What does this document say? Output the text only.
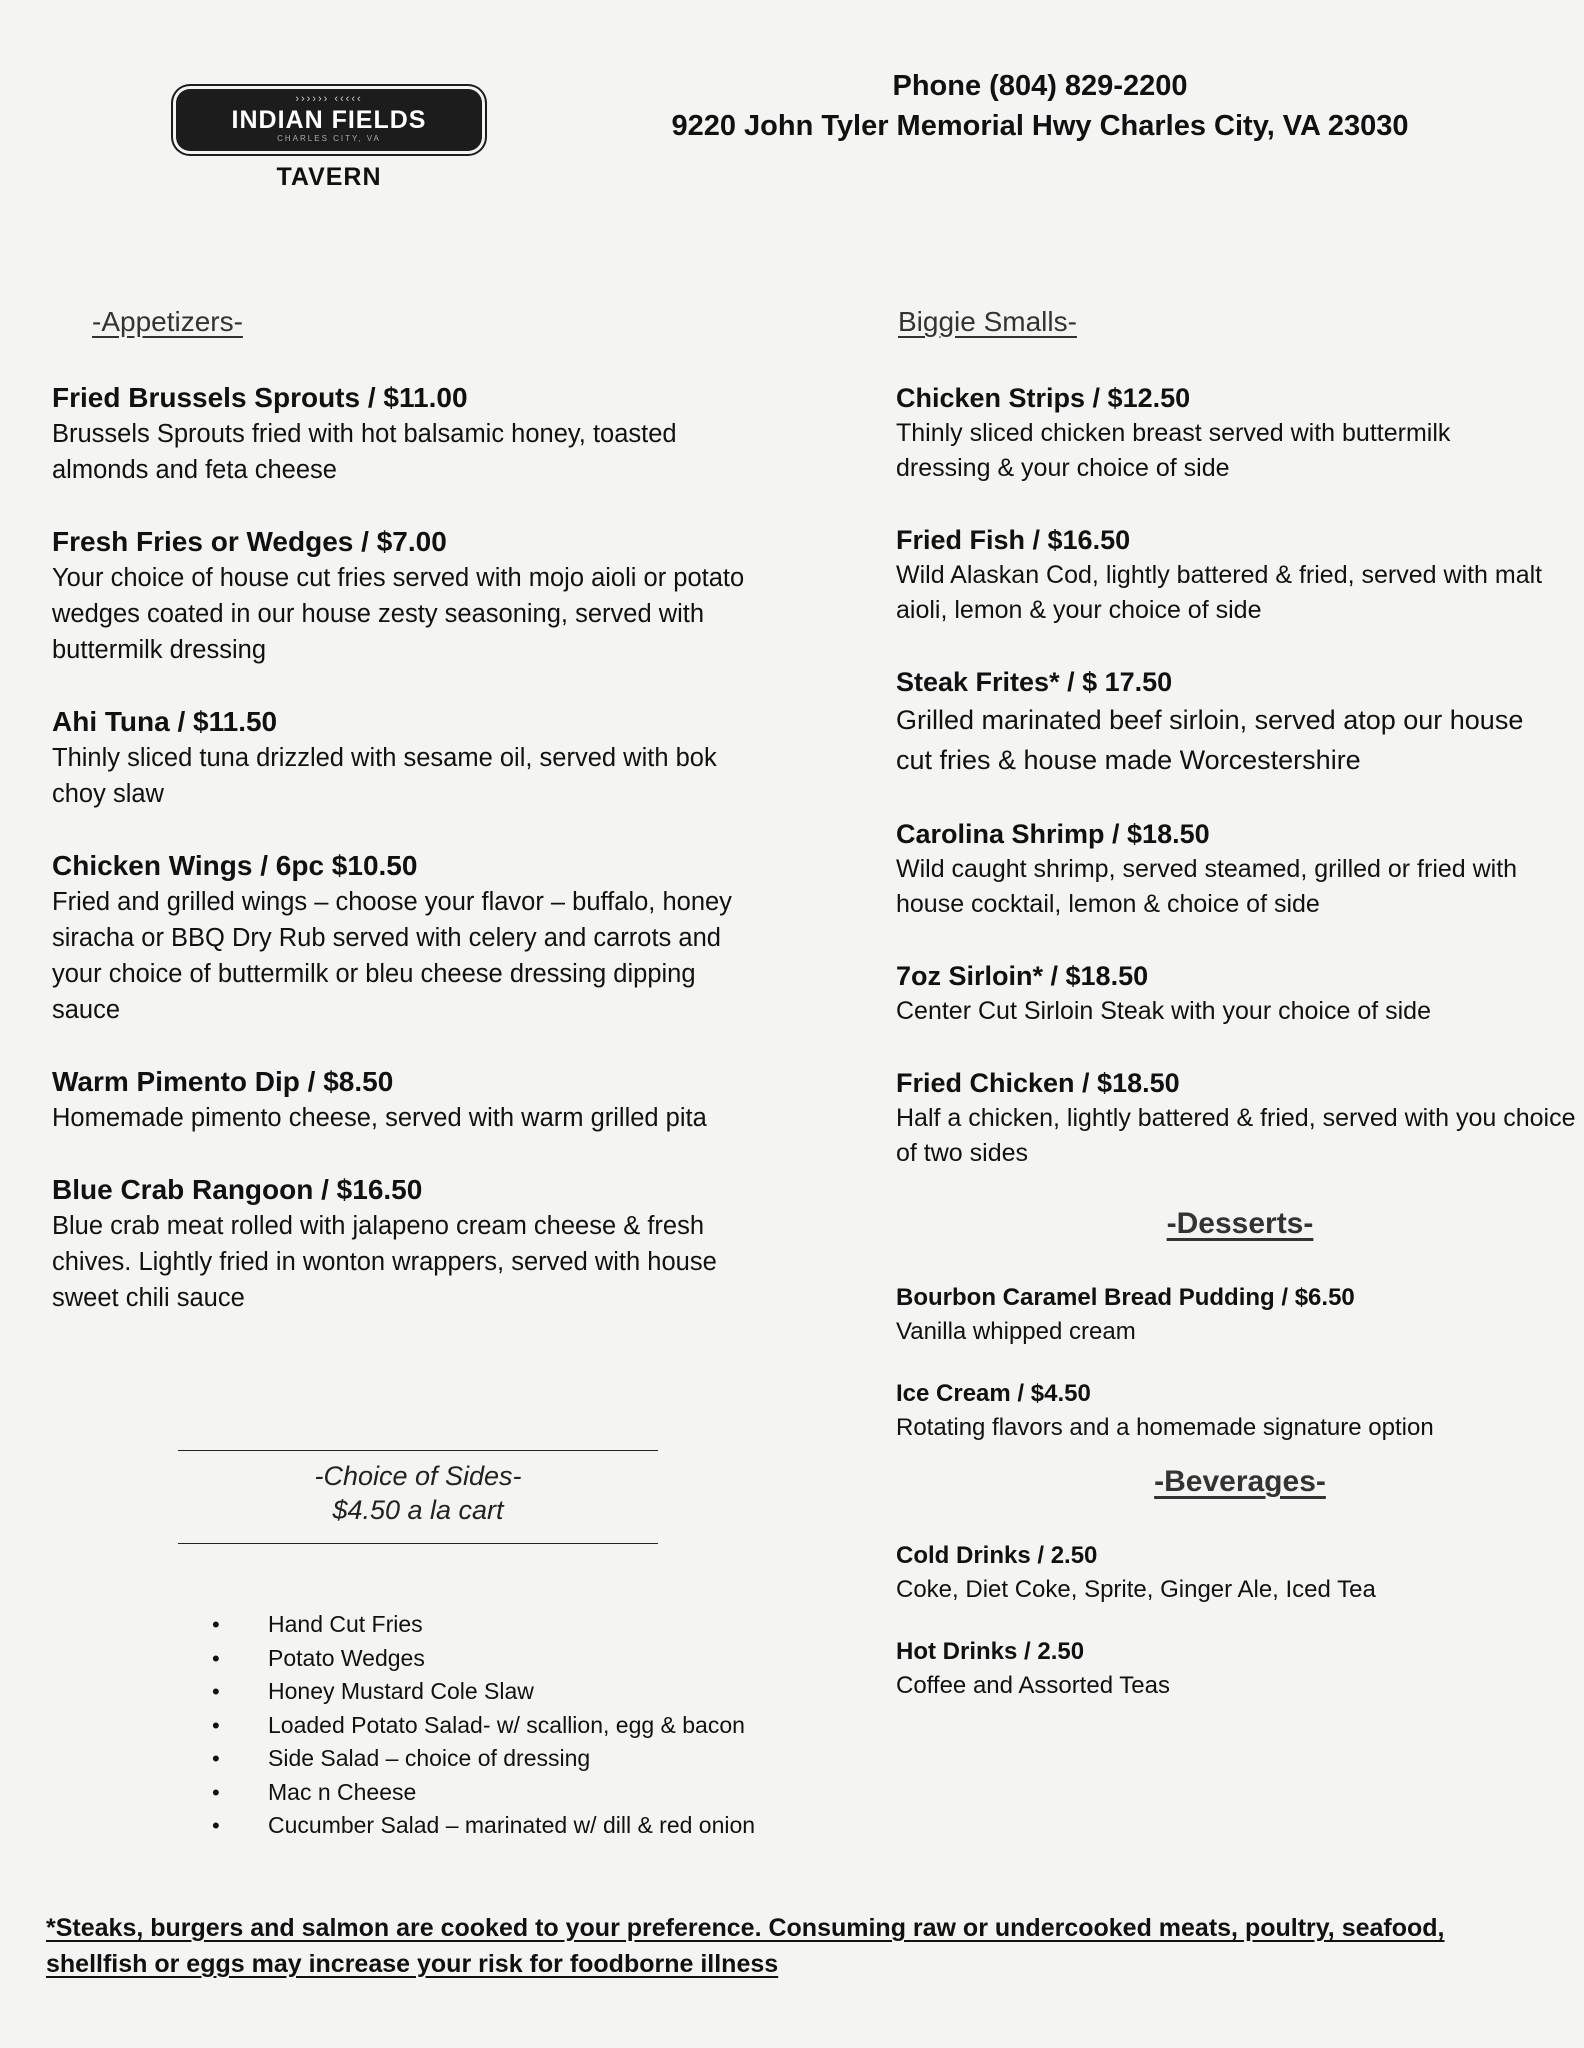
›››››› ‹‹‹‹‹
INDIAN FIELDS
CHARLES CITY, VA
TAVERN
Phone (804) 829-2200
9220 John Tyler Memorial Hwy Charles City, VA 23030
-Appetizers-
Fried Brussels Sprouts / $11.00
Brussels Sprouts fried with hot balsamic honey, toasted almonds and feta cheese
Fresh Fries or Wedges / $7.00
Your choice of house cut fries served with mojo aioli or potato wedges coated in our house zesty seasoning, served with buttermilk dressing
Ahi Tuna / $11.50
Thinly sliced tuna drizzled with sesame oil, served with bok choy slaw
Chicken Wings / 6pc $10.50
Fried and grilled wings – choose your flavor – buffalo, honey siracha or BBQ Dry Rub served with celery and carrots and your choice of buttermilk or bleu cheese dressing dipping sauce
Warm Pimento Dip / $8.50
Homemade pimento cheese, served with warm grilled pita
Blue Crab Rangoon / $16.50
Blue crab meat rolled with jalapeno cream cheese & fresh chives. Lightly fried in wonton wrappers, served with house sweet chili sauce
-Choice of Sides-
$4.50 a la cart
• Hand Cut Fries
• Potato Wedges
• Honey Mustard Cole Slaw
• Loaded Potato Salad- w/ scallion, egg & bacon
• Side Salad – choice of dressing
• Mac n Cheese
• Cucumber Salad – marinated w/ dill & red onion
Biggie Smalls-
Chicken Strips / $12.50
Thinly sliced chicken breast served with buttermilk dressing & your choice of side
Fried Fish / $16.50
Wild Alaskan Cod, lightly battered & fried, served with malt aioli, lemon & your choice of side
Steak Frites* / $ 17.50
Grilled marinated beef sirloin, served atop our house cut fries & house made Worcestershire
Carolina Shrimp / $18.50
Wild caught shrimp, served steamed, grilled or fried with house cocktail, lemon & choice of side
7oz Sirloin* / $18.50
Center Cut Sirloin Steak with your choice of side
Fried Chicken / $18.50
Half a chicken, lightly battered & fried, served with you choice of two sides
-Desserts-
Bourbon Caramel Bread Pudding / $6.50
Vanilla whipped cream
Ice Cream / $4.50
Rotating flavors and a homemade signature option
-Beverages-
Cold Drinks / 2.50
Coke, Diet Coke, Sprite, Ginger Ale, Iced Tea
Hot Drinks / 2.50
Coffee and Assorted Teas
*Steaks, burgers and salmon are cooked to your preference. Consuming raw or undercooked meats, poultry, seafood, shellfish or eggs may increase your risk for foodborne illness
